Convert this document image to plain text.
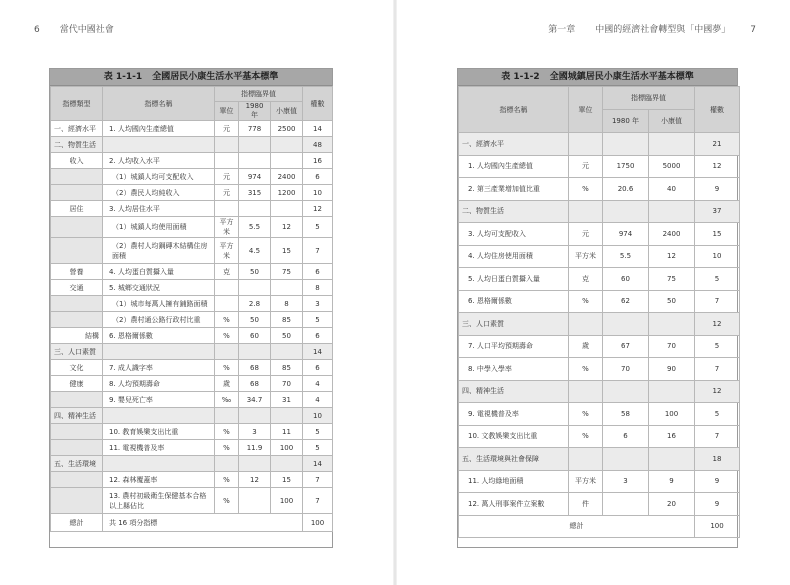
6 當代中國社會	第一章 中國的經濟社會轉型與「中國夢」 7
表 1-1-1 全國居民小康生活水平基本標準
指標類型	指標名稱	指標臨界值			權數
		單位	1980 年	小康值	
一、經濟水平	1. 人均國內生產總值	元	778	2500	14
二、物質生活					48
收入	2. 人均收入水平				16
	（1）城鎮人均可支配收入	元	974	2400	6
	（2）農民人均純收入	元	315	1200	10
居住	3. 人均居住水平				12
	（1）城鎮人均使用面積	平方米	5.5	12	5
	（2）農村人均鋼磚木結構住房面積	平方米	4.5	15	7
營養	4. 人均蛋白質攝入量	克	50	75	6
交通	5. 城鄉交通狀況				8
	（1）城市每萬人擁有鋪路面積		2.8	8	3
	（2）農村通公路行政村比重	%	50	85	5
結構	6. 恩格爾係數	%	60	50	6
三、人口素質					14
文化	7. 成人識字率	%	68	85	6
健康	8. 人均預期壽命	歲	68	70	4
	9. 嬰兒死亡率	‰	34.7	31	4
四、精神生活					10
	10. 教育娛樂支出比重	%	3	11	5
	11. 電視機普及率	%	11.9	100	5
五、生活環境					14
	12. 森林覆蓋率	%	12	15	7
	13. 農村初級衛生保健基本合格以上縣佔比	%		100	7
總計	共 16 項分指標				100
表 1-1-2 全國城鎮居民小康生活水平基本標準
指標名稱	單位	指標臨界值		權數
		1980 年	小康值	
一、經濟水平				21
1. 人均國內生產總值	元	1750	5000	12
2. 第三產業增加值比重	%	20.6	40	9
二、物質生活				37
3. 人均可支配收入	元	974	2400	15
4. 人均住房使用面積	平方米	5.5	12	10
5. 人均日蛋白質攝入量	克	60	75	5
6. 恩格爾係數	%	62	50	7
三、人口素質				12
7. 人口平均預期壽命	歲	67	70	5
8. 中學入學率	%	70	90	7
四、精神生活				12
9. 電視機普及率	%	58	100	5
10. 文教娛樂支出比重	%	6	16	7
五、生活環境與社會保障				18
11. 人均綠地面積	平方米	3	9	9
12. 萬人刑事案件立案數	件		20	9
總計				100
